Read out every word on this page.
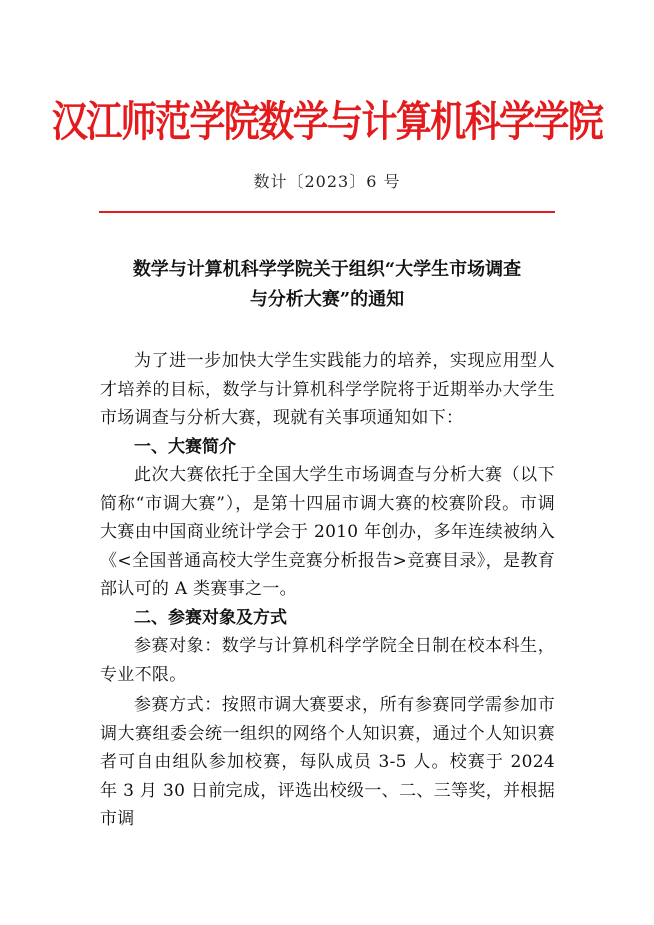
汉江师范学院数学与计算机科学学院
数计〔2023〕6 号
数学与计算机科学学院关于组织“大学生市场调查
与分析大赛”的通知

为了进一步加快大学生实践能力的培养，实现应用型人才培养的目标，数学与计算机科学学院将于近期举办大学生市场调查与分析大赛，现就有关事项通知如下：

一、大赛简介

此次大赛依托于全国大学生市场调查与分析大赛（以下简称“市调大赛”），是第十四届市调大赛的校赛阶段。市调大赛由中国商业统计学会于 2010 年创办，多年连续被纳入《<全国普通高校大学生竞赛分析报告>竞赛目录》，是教育部认可的 A 类赛事之一。

二、参赛对象及方式

参赛对象：数学与计算机科学学院全日制在校本科生，专业不限。

参赛方式：按照市调大赛要求，所有参赛同学需参加市调大赛组委会统一组织的网络个人知识赛，通过个人知识赛者可自由组队参加校赛，每队成员 3-5 人。校赛于 2024 年 3 月 30 日前完成，评选出校级一、二、三等奖，并根据市调
